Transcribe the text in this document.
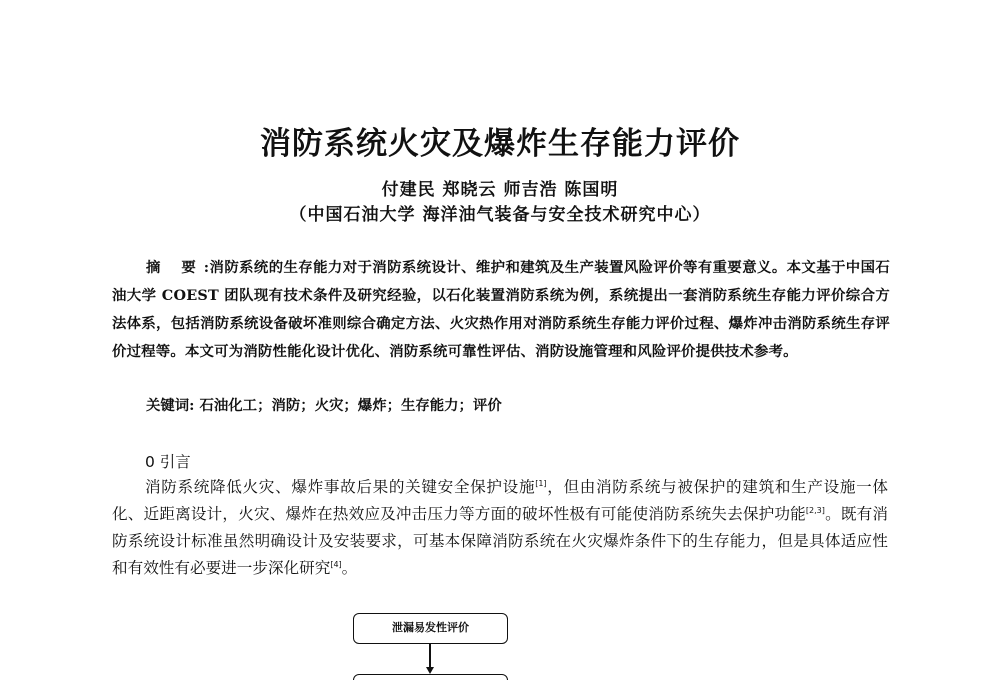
消防系统火灾及爆炸生存能力评价
付建民 郑晓云 师吉浩 陈国明
（中国石油大学 海洋油气装备与安全技术研究中心）
摘 要:消防系统的生存能力对于消防系统设计、维护和建筑及生产装置风险评价等有重要意义。本文基于中国石油大学 COEST 团队现有技术条件及研究经验，以石化装置消防系统为例，系统提出一套消防系统生存能力评价综合方法体系，包括消防系统设备破坏准则综合确定方法、火灾热作用对消防系统生存能力评价过程、爆炸冲击消防系统生存评价过程等。本文可为消防性能化设计优化、消防系统可靠性评估、消防设施管理和风险评价提供技术参考。
关键词: 石油化工；消防；火灾；爆炸；生存能力；评价
0 引言
消防系统降低火灾、爆炸事故后果的关键安全保护设施[1]，但由消防系统与被保护的建筑和生产设施一体化、近距离设计，火灾、爆炸在热效应及冲击压力等方面的破坏性极有可能使消防系统失去保护功能[2,3]。既有消防系统设计标准虽然明确设计及安装要求，可基本保障消防系统在火灾爆炸条件下的生存能力，但是具体适应性和有效性有必要进一步深化研究[4]。
泄漏易发性评价
